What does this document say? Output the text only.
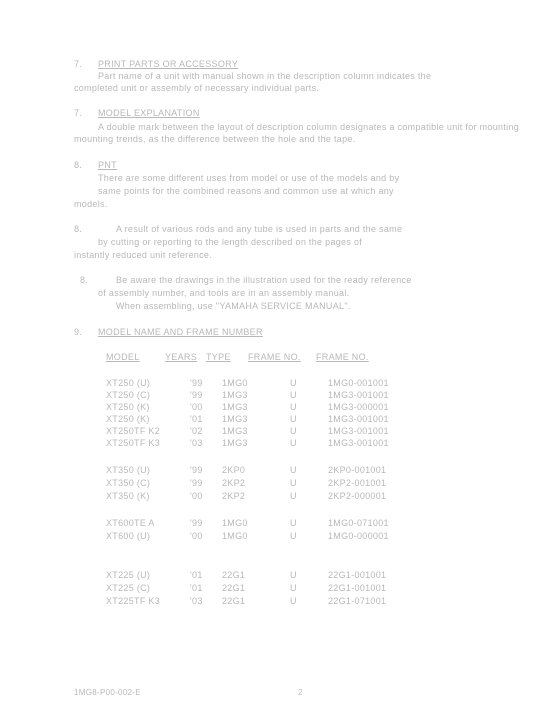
7. PRINT PARTS OR ACCESSORY
Part name of a unit with manual shown in the description column indicates the
completed unit or assembly of necessary individual parts.
7. MODEL EXPLANATION
A double mark between the layout of description column designates a compatible unit for mounting
mounting trends, as the difference between the hole and the tape.
8. PNT
There are some different uses from model or use of the models and by
same points for the combined reasons and common use at which any
models.
8.	A result of various rods and any tube is used in parts and the same
by cutting or reporting to the length described on the pages of
instantly reduced unit reference.
8.	Be aware the drawings in the illustration used for the ready reference
of assembly number, and tools are in an assembly manual.
When assembling, use "YAMAHA SERVICE MANUAL".
9. MODEL NAME AND FRAME NUMBER
MODEL	YEARS TYPE FRAME NO. FRAME NO.
XT250 (U)	'99 1MG0	U	1MG0-001001
XT250 (C)	'99 1MG3	U	1MG3-001001
XT250 (K)	'00 1MG3	U	1MG3-000001
XT250 (K)	'01 1MG3	U	1MG3-001001
XT250TF K2	'02 1MG3	U	1MG3-001001
XT250TF K3	'03 1MG3	U	1MG3-001001
XT350 (U)	'99 2KP0	U	2KP0-001001
XT350 (C)	'99 2KP2	U	2KP2-001001
XT350 (K)	'00 2KP2	U	2KP2-000001
XT600TE A	'99 1MG0	U	1MG0-071001
XT600 (U)	'00 1MG0	U	1MG0-000001
XT225 (U)	'01 22G1	U	22G1-001001
XT225 (C)	'01 22G1	U	22G1-001001
XT225TF K3	'03 22G1	U	22G1-071001
1MG8-P00-002-E	2
